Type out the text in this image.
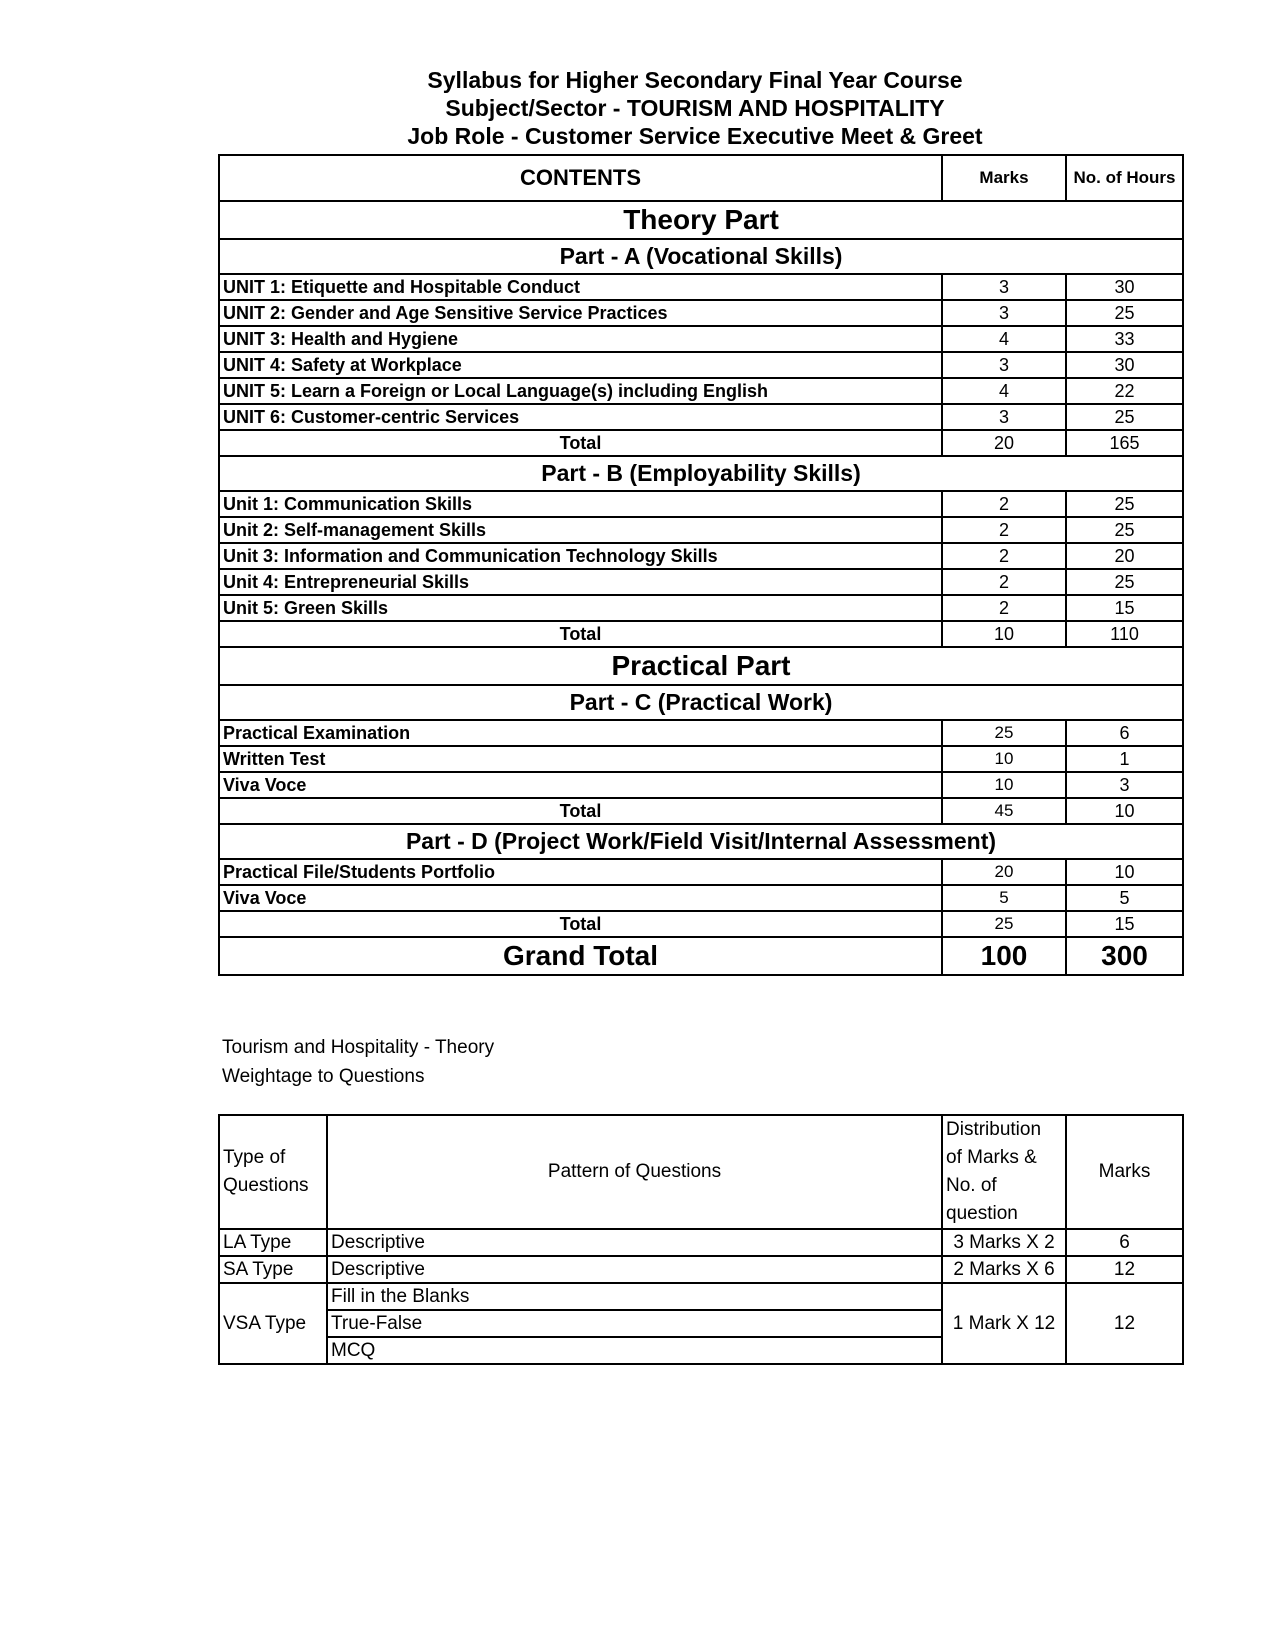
Syllabus for Higher Secondary Final Year Course
Subject/Sector - TOURISM AND HOSPITALITY
Job Role - Customer Service Executive Meet & Greet
CONTENTS	Marks	No. of Hours
Theory Part		
Part - A (Vocational Skills)		
UNIT 1: Etiquette and Hospitable Conduct	3	30
UNIT 2: Gender and Age Sensitive Service Practices	3	25
UNIT 3: Health and Hygiene	4	33
UNIT 4: Safety at Workplace	3	30
UNIT 5: Learn a Foreign or Local Language(s) including English	4	22
UNIT 6: Customer-centric Services	3	25
Total	20	165
Part - B (Employability Skills)		
Unit 1: Communication Skills	2	25
Unit 2: Self-management Skills	2	25
Unit 3: Information and Communication Technology Skills	2	20
Unit 4: Entrepreneurial Skills	2	25
Unit 5: Green Skills	2	15
Total	10	110
Practical Part		
Part - C (Practical Work)		
Practical Examination	25	6
Written Test	10	1
Viva Voce	10	3
Total	45	10
Part - D (Project Work/Field Visit/Internal Assessment)		
Practical File/Students Portfolio	20	10
Viva Voce	5	5
Total	25	15
Grand Total	100	300
Tourism and Hospitality - Theory
Weightage to Questions
Type of Questions	Pattern of Questions	Distribution of Marks & No. of question	Marks
LA Type	Descriptive	3 Marks X 2	6
SA Type	Descriptive	2 Marks X 6	12
VSA Type	Fill in the Blanks	1 Mark X 12	12
	True-False		
	MCQ		
